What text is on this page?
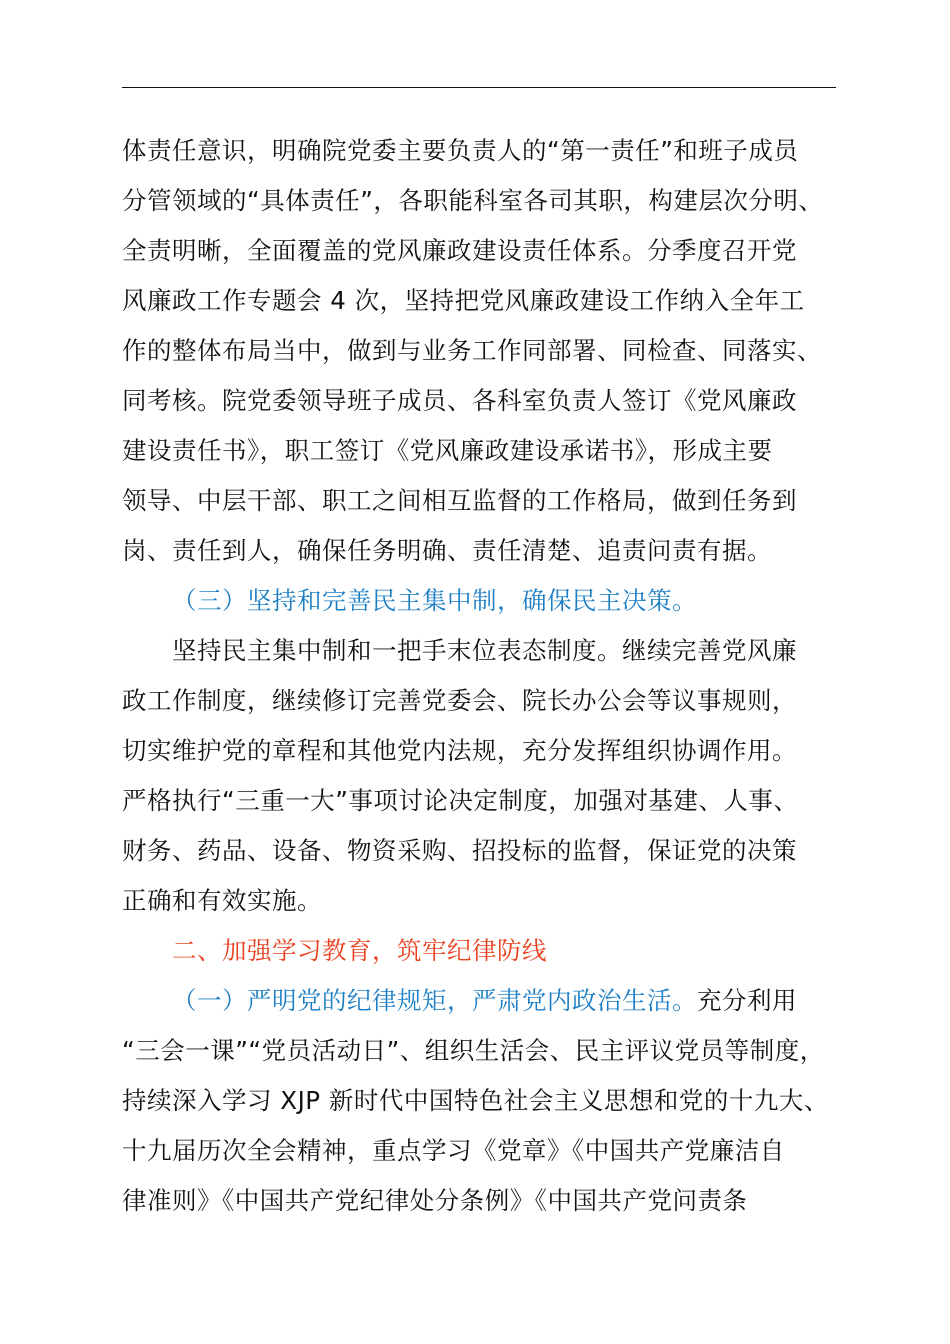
体责任意识，明确院党委主要负责人的“第一责任”和班子成员
分管领域的“具体责任”，各职能科室各司其职，构建层次分明、
全责明晰，全面覆盖的党风廉政建设责任体系。分季度召开党
风廉政工作专题会 4 次，坚持把党风廉政建设工作纳入全年工
作的整体布局当中，做到与业务工作同部署、同检查、同落实、
同考核。院党委领导班子成员、各科室负责人签订《党风廉政
建设责任书》，职工签订《党风廉政建设承诺书》，形成主要
领导、中层干部、职工之间相互监督的工作格局，做到任务到
岗、责任到人，确保任务明确、责任清楚、追责问责有据。
（三）坚持和完善民主集中制，确保民主决策。
坚持民主集中制和一把手末位表态制度。继续完善党风廉
政工作制度，继续修订完善党委会、院长办公会等议事规则，
切实维护党的章程和其他党内法规，充分发挥组织协调作用。
严格执行“三重一大”事项讨论决定制度，加强对基建、人事、
财务、药品、设备、物资采购、招投标的监督，保证党的决策
正确和有效实施。
二、加强学习教育，筑牢纪律防线
（一）严明党的纪律规矩，严肃党内政治生活。充分利用
“三会一课”“党员活动日”、组织生活会、民主评议党员等制度，
持续深入学习 XJP 新时代中国特色社会主义思想和党的十九大、
十九届历次全会精神，重点学习《党章》《中国共产党廉洁自
律准则》《中国共产党纪律处分条例》《中国共产党问责条
